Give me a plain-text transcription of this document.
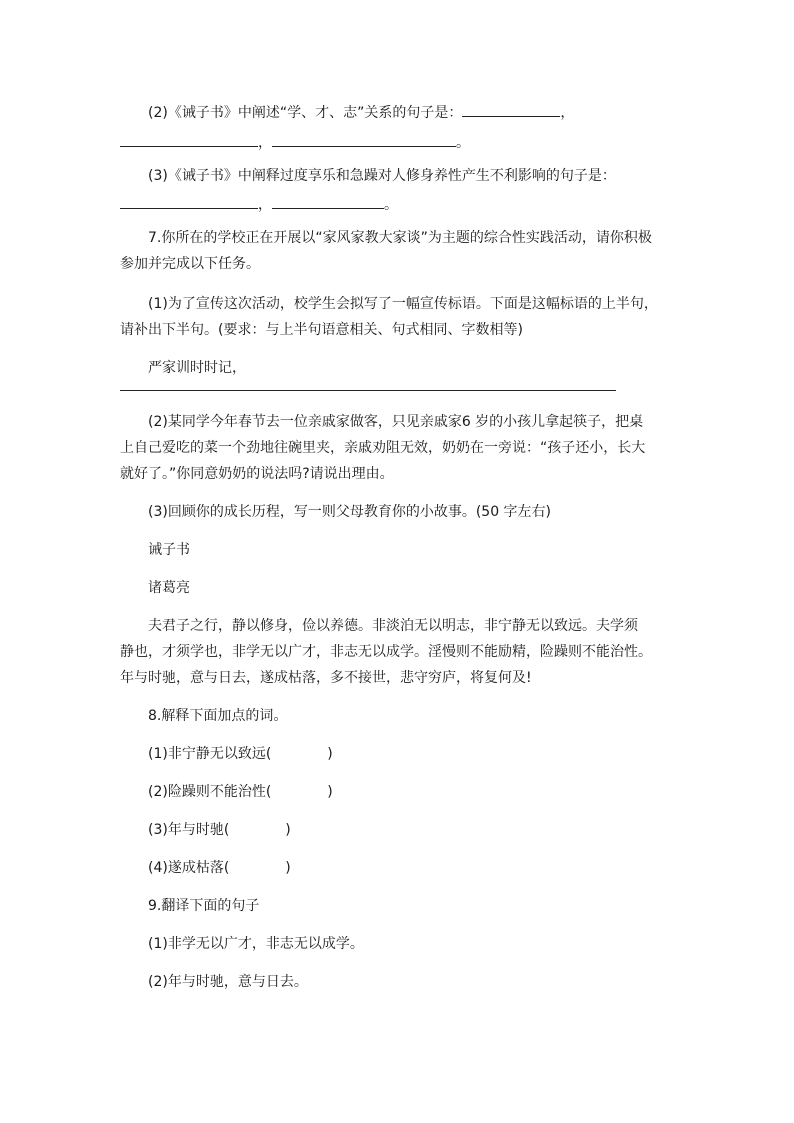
(2)《诫子书》中阐述“学、才、志”关系的句子是：	，
，	。
(3)《诫子书》中阐释过度享乐和急躁对人修身养性产生不利影响的句子是：
，	。
7.你所在的学校正在开展以“家风家教大家谈”为主题的综合性实践活动，请你积极
参加并完成以下任务。
(1)为了宣传这次活动，校学生会拟写了一幅宣传标语。下面是这幅标语的上半句，
请补出下半句。(要求：与上半句语意相关、句式相同、字数相等)
严家训时时记，
(2)某同学今年春节去一位亲戚家做客，只见亲戚家6 岁的小孩儿拿起筷子，把桌
上自己爱吃的菜一个劲地往碗里夹，亲戚劝阻无效，奶奶在一旁说：“孩子还小，长大
就好了。”你同意奶奶的说法吗?请说出理由。
(3)回顾你的成长历程，写一则父母教育你的小故事。(50 字左右)
诫子书
诸葛亮
夫君子之行，静以修身，俭以养德。非淡泊无以明志，非宁静无以致远。夫学须
静也，才须学也，非学无以广才，非志无以成学。淫慢则不能励精，险躁则不能治性。
年与时驰，意与日去，遂成枯落，多不接世，悲守穷庐，将复何及!
8.解释下面加点的词。
(1)非宁静无以致远(	)
(2)险躁则不能治性(	)
(3)年与时驰(	)
(4)遂成枯落(	)
9.翻译下面的句子
(1)非学无以广才，非志无以成学。
(2)年与时驰，意与日去。
